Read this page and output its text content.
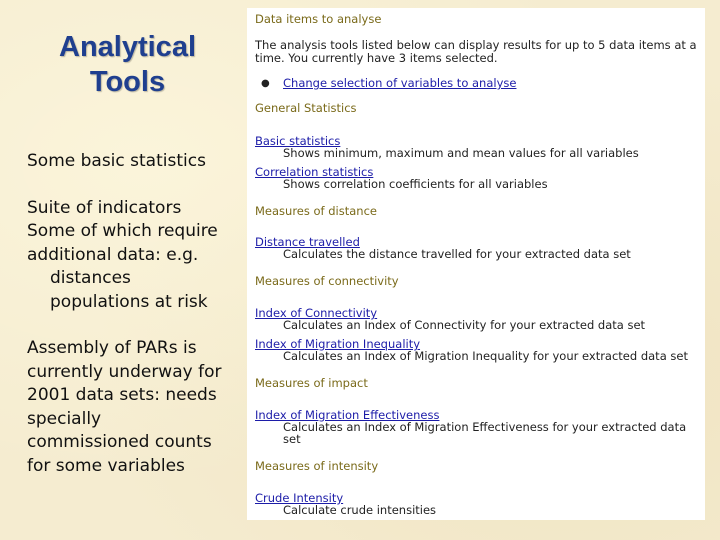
Analytical
Tools
Some basic statistics
Suite of indicators
Some of which require
additional data: e.g.
distances
populations at risk
Assembly of PARs is
currently underway for
2001 data sets: needs
specially
commissioned counts
for some variables
Data items to analyse
The analysis tools listed below can display results for up to 5 data items at a
time. You currently have 3 items selected.
● Change selection of variables to analyse
General Statistics
Basic statistics
Shows minimum, maximum and mean values for all variables
Correlation statistics
Shows correlation coefficients for all variables
Measures of distance
Distance travelled
Calculates the distance travelled for your extracted data set
Measures of connectivity
Index of Connectivity
Calculates an Index of Connectivity for your extracted data set
Index of Migration Inequality
Calculates an Index of Migration Inequality for your extracted data set
Measures of impact
Index of Migration Effectiveness
Calculates an Index of Migration Effectiveness for your extracted data
set
Measures of intensity
Crude Intensity
Calculate crude intensities
